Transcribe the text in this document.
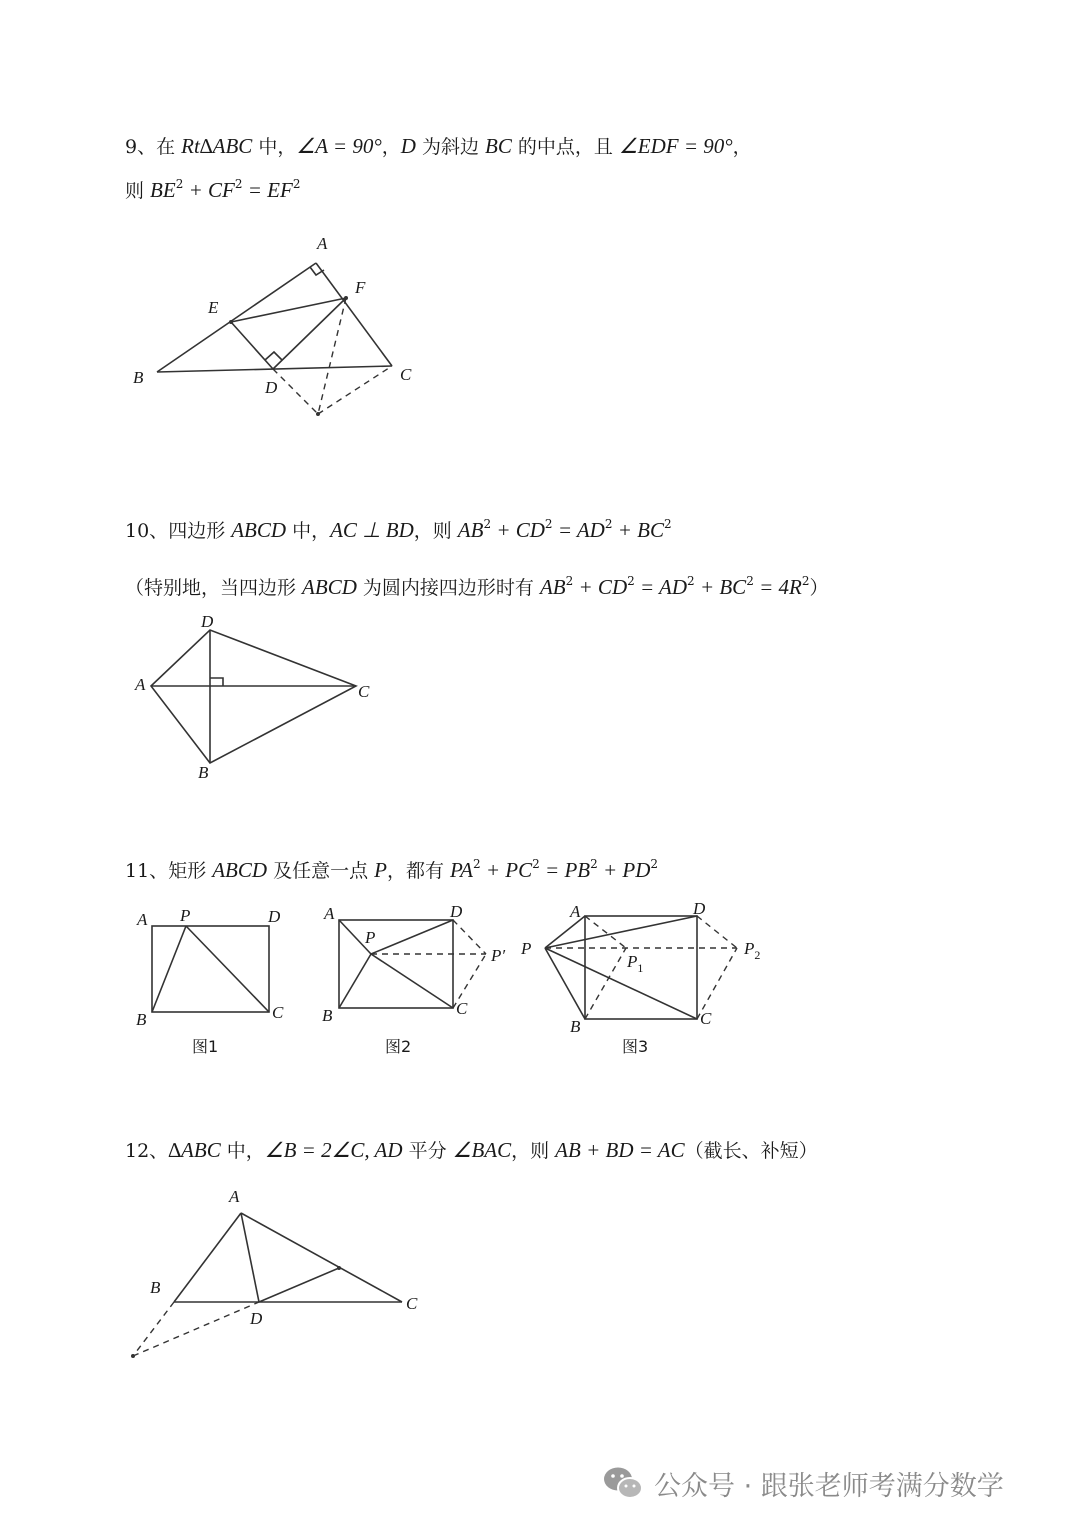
9、在 Rt∆ABC 中，∠A = 90°，D 为斜边 BC 的中点，且 ∠EDF = 90°，
则 $BE^2 + CF^2 = EF^2$
10、四边形 ABCD 中，AC ⊥ BD，则 $AB^2 + CD^2 = AD^2 + BC^2$
（特别地，当四边形 ABCD 为圆内接四边形时有 $AB^2 + CD^2 = AD^2 + BC^2 = 4R^2$）
11、矩形 ABCD 及任意一点 P，都有 $PA^2 + PC^2 = PB^2 + PD^2$
12、∆ABC 中，∠B = 2∠C, AD 平分 ∠BAC，则 AB + BD = AC（截长、补短）
A
B	C
D
E
F
A
D
C
B
A P	D
B	C
图1
A
P
D
P′
B	C
图2
A
P
$P_1$
D
$P_2$
B	C
图3
A
B
C
D
公众号 · 跟张老师考满分数学
